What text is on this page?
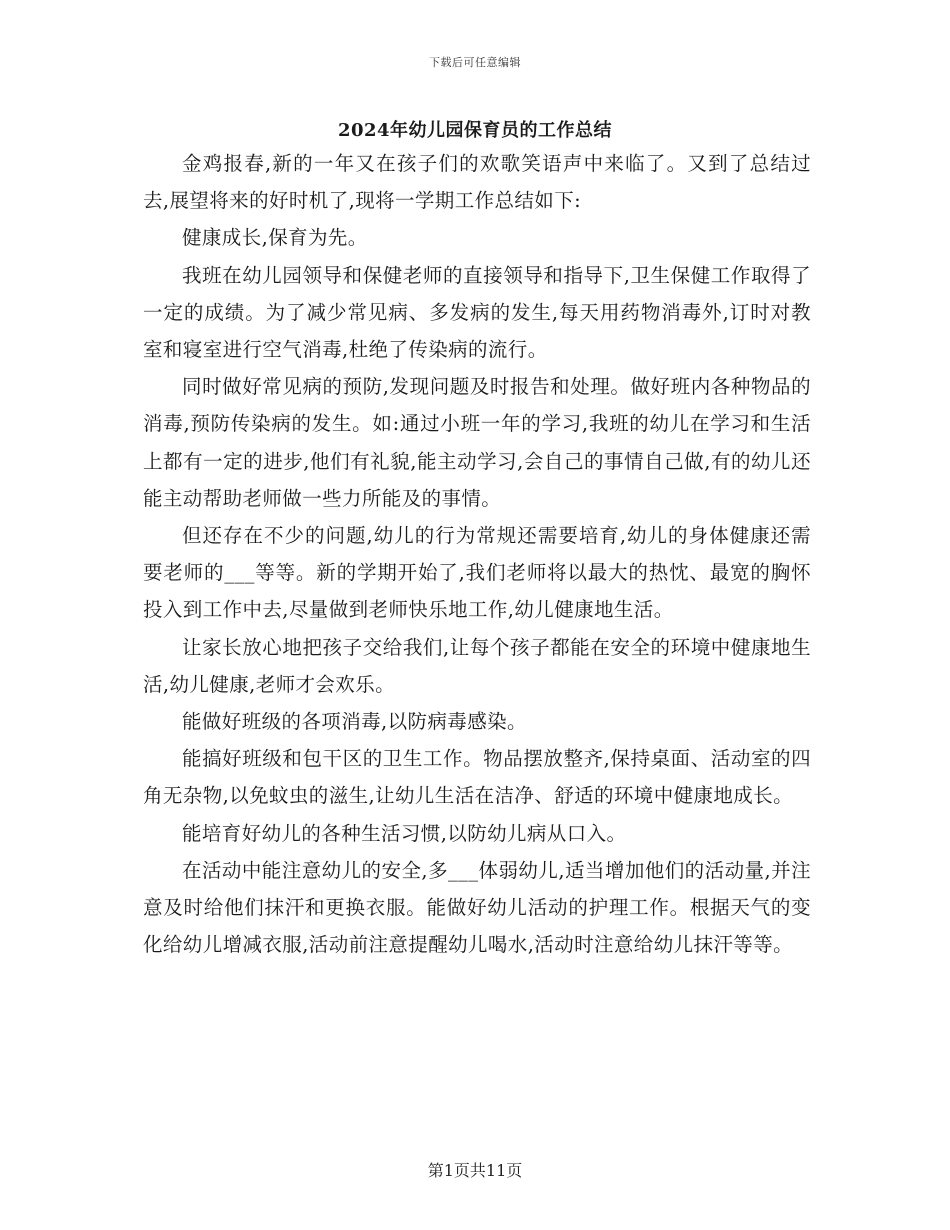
下载后可任意编辑
2024年幼儿园保育员的工作总结

金鸡报春,新的一年又在孩子们的欢歌笑语声中来临了。又到了总结过去,展望将来的好时机了,现将一学期工作总结如下:

健康成长,保育为先。

我班在幼儿园领导和保健老师的直接领导和指导下,卫生保健工作取得了一定的成绩。为了减少常见病、多发病的发生,每天用药物消毒外,订时对教室和寝室进行空气消毒,杜绝了传染病的流行。

同时做好常见病的预防,发现问题及时报告和处理。做好班内各种物品的消毒,预防传染病的发生。如:通过小班一年的学习,我班的幼儿在学习和生活上都有一定的进步,他们有礼貌,能主动学习,会自己的事情自己做,有的幼儿还能主动帮助老师做一些力所能及的事情。

但还存在不少的问题,幼儿的行为常规还需要培育,幼儿的身体健康还需要老师的___等等。新的学期开始了,我们老师将以最大的热忱、最宽的胸怀投入到工作中去,尽量做到老师快乐地工作,幼儿健康地生活。

让家长放心地把孩子交给我们,让每个孩子都能在安全的环境中健康地生活,幼儿健康,老师才会欢乐。

能做好班级的各项消毒,以防病毒感染。

能搞好班级和包干区的卫生工作。物品摆放整齐,保持桌面、活动室的四角无杂物,以免蚊虫的滋生,让幼儿生活在洁净、舒适的环境中健康地成长。

能培育好幼儿的各种生活习惯,以防幼儿病从口入。

在活动中能注意幼儿的安全,多___体弱幼儿,适当增加他们的活动量,并注意及时给他们抹汗和更换衣服。能做好幼儿活动的护理工作。根据天气的变化给幼儿增减衣服,活动前注意提醒幼儿喝水,活动时注意给幼儿抹汗等等。

第1页共11页
